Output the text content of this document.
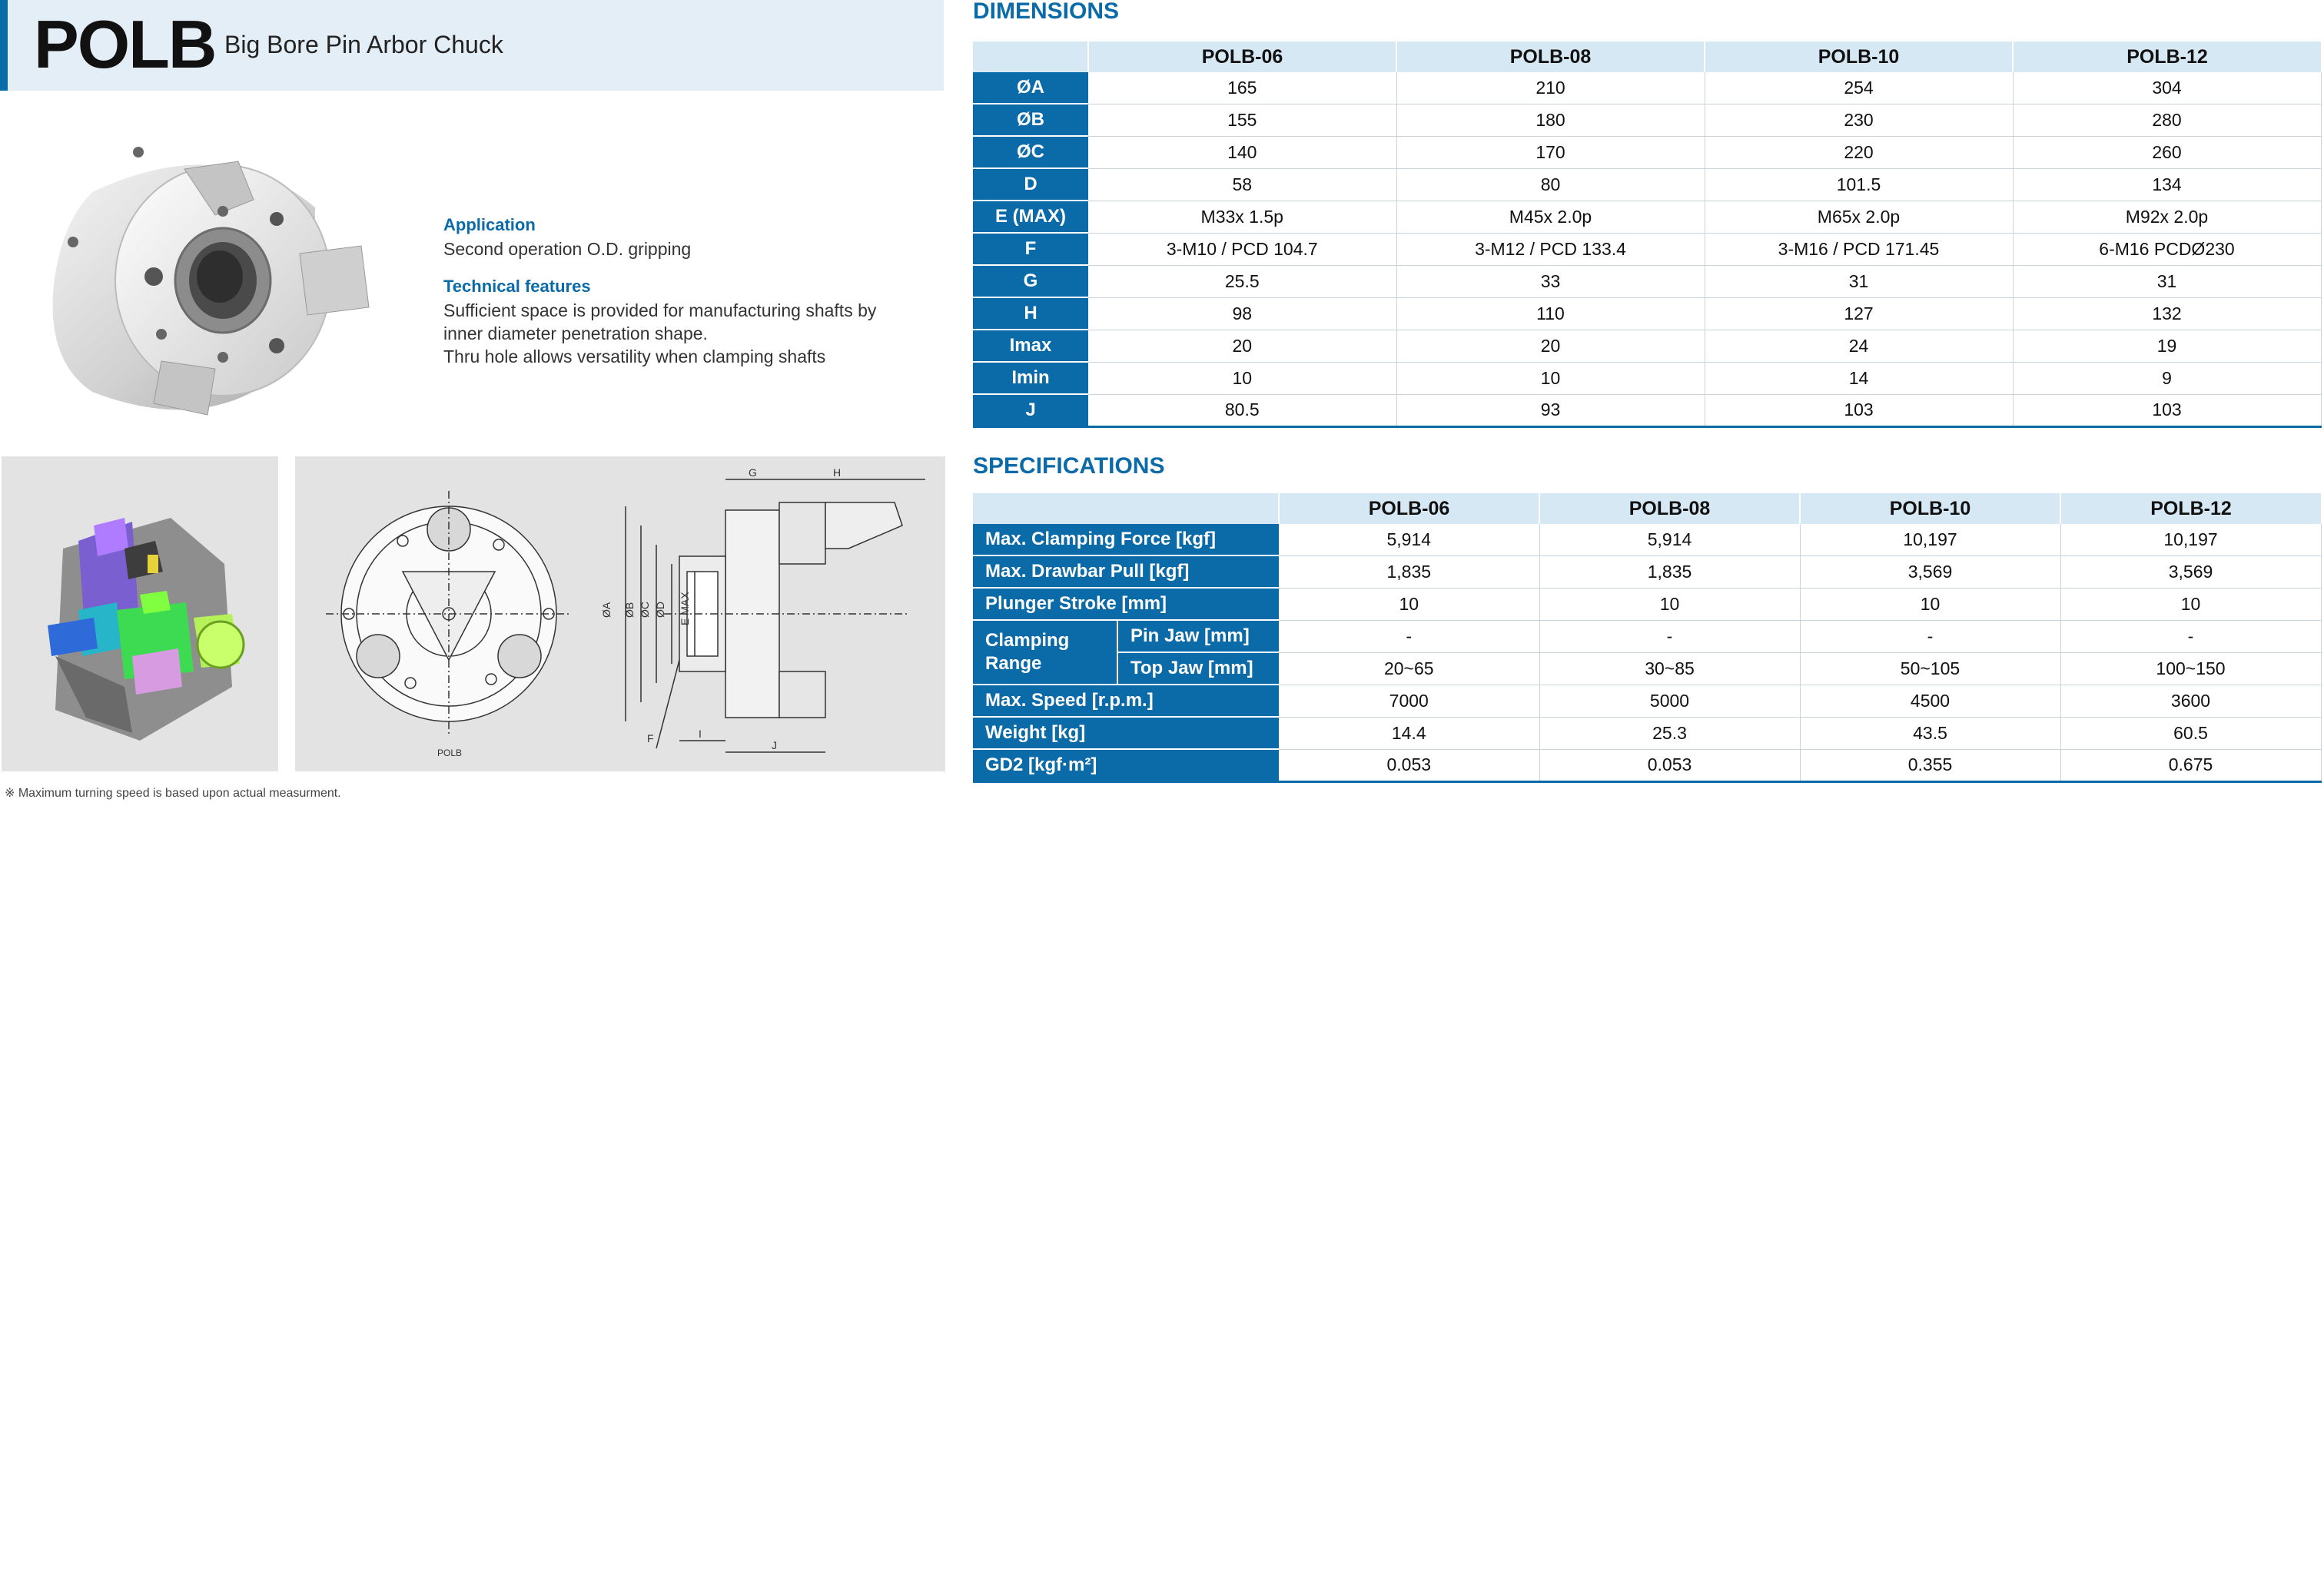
POLB Big Bore Pin Arbor Chuck
Application
Second operation O.D. gripping
Technical features
Sufficient space is provided for manufacturing shafts by
inner diameter penetration shape.
Thru hole allows versatility when clamping shafts
ØA ØB ØC ØD E MAX
G	H
J
I
F
POLB
※ Maximum turning speed is based upon actual measurment.
DIMENSIONS
	POLB-06	POLB-08	POLB-10	POLB-12
ØA	165	210	254	304
ØB	155	180	230	280
ØC	140	170	220	260
D	58	80	101.5	134
E (MAX)	M33x 1.5p	M45x 2.0p	M65x 2.0p	M92x 2.0p
F	3-M10 / PCD 104.7	3-M12 / PCD 133.4	3-M16 / PCD 171.45	6-M16 PCDØ230
G	25.5	33	31	31
H	98	110	127	132
Imax	20	20	24	19
Imin	10	10	14	9
J	80.5	93	103	103
SPECIFICATIONS
		POLB-06	POLB-08	POLB-10	POLB-12
Max. Clamping Force [kgf]		5,914	5,914	10,197	10,197
Max. Drawbar Pull [kgf]		1,835	1,835	3,569	3,569
Plunger Stroke [mm]		10	10	10	10
Clamping
Range	Pin Jaw [mm]	-	-	-	-
	Top Jaw [mm]	20~65	30~85	50~105	100~150
Max. Speed [r.p.m.]		7000	5000	4500	3600
Weight [kg]		14.4	25.3	43.5	60.5
GD2 [kgf·m²]		0.053	0.053	0.355	0.675
